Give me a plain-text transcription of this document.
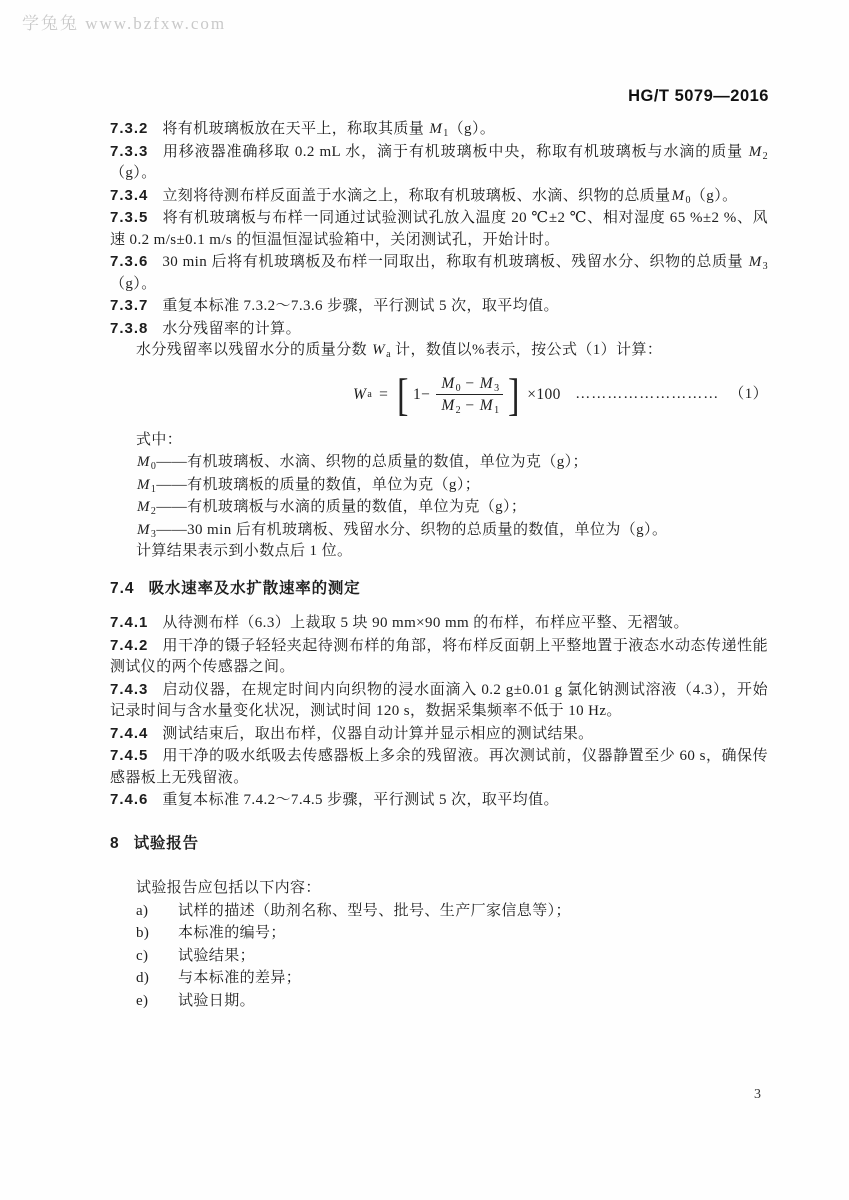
学兔兔 www.bzfxw.com
HG/T 5079—2016
7.3.2 将有机玻璃板放在天平上，称取其质量 $M_1(g)$。
7.3.3 用移液器准确移取 0.2 mL 水，滴于有机玻璃板中央，称取有机玻璃板与水滴的质量 $M_2(g)$。
7.3.4 立刻将待测布样反面盖于水滴之上，称取有机玻璃板、水滴、织物的总质量$M_0(g)$。
7.3.5 将有机玻璃板与布样一同通过试验测试孔放入温度 20 ℃±2 ℃、相对湿度 65 %±2 %、风速 0.2 m/s±0.1 m/s 的恒温恒湿试验箱中，关闭测试孔，开始计时。
7.3.6 30 min 后将有机玻璃板及布样一同取出，称取有机玻璃板、残留水分、织物的总质量 $M_3(g)$。
7.3.7 重复本标准 7.3.2～7.3.6 步骤，平行测试 5 次，取平均值。
7.3.8 水分残留率的计算。
水分残留率以残留水分的质量分数 $W_a$ 计，数值以%表示，按公式（1）计算：
W a = [ $1- \frac{M_0 - M_3}{M_2 - M_1}$ ] ×100 ……………………… （1）
式中：
$M_0——$有机玻璃板、水滴、织物的总质量的数值，单位为克（g）；
$M_1——$有机玻璃板的质量的数值，单位为克（g）；
$M_2——$有机玻璃板与水滴的质量的数值，单位为克（g）；
$M_3——30$ min 后有机玻璃板、残留水分、织物的总质量的数值，单位为（g）。
计算结果表示到小数点后 1 位。
7.4 吸水速率及水扩散速率的测定
7.4.1 从待测布样（6.3）上裁取 5 块 90 mm×90 mm 的布样，布样应平整、无褶皱。
7.4.2 用干净的镊子轻轻夹起待测布样的角部，将布样反面朝上平整地置于液态水动态传递性能测试仪的两个传感器之间。
7.4.3 启动仪器，在规定时间内向织物的浸水面滴入 0.2 g±0.01 g 氯化钠测试溶液（4.3），开始记录时间与含水量变化状况，测试时间 120 s，数据采集频率不低于 10 Hz。
7.4.4 测试结束后，取出布样，仪器自动计算并显示相应的测试结果。
7.4.5 用干净的吸水纸吸去传感器板上多余的残留液。再次测试前，仪器静置至少 60 s，确保传感器板上无残留液。
7.4.6 重复本标准 7.4.2～7.4.5 步骤，平行测试 5 次，取平均值。
8 试验报告
试验报告应包括以下内容：
a) 试样的描述（助剂名称、型号、批号、生产厂家信息等）；
b) 本标准的编号；
c) 试验结果；
d) 与本标准的差异；
e) 试验日期。
3
